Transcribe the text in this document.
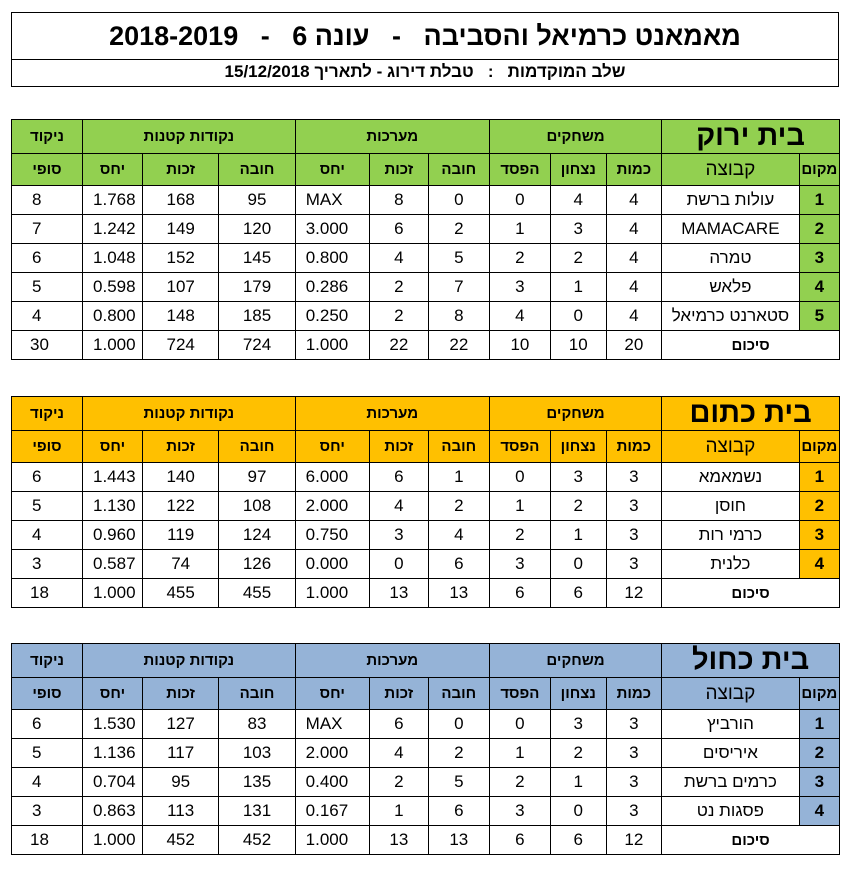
מאמאנט כרמיאל והסביבה   -   עונה 6   -   2018-2019
שלב המוקדמות   :   טבלת דירוג - לתאריך 15/12/2018
בית ירוק		משחקים			מערכות			נקודות קטנות			ניקוד
מקום	קבוצה	כמות	נצחון	הפסד	חובה	זכות	יחס	חובה	זכות	יחס	סופי
1	עולות ברשת	4	4	0	0	8	MAX	95	168	1.768	8
2	MAMACARE	4	3	1	2	6	3.000	120	149	1.242	7
3	טמרה	4	2	2	5	4	0.800	145	152	1.048	6
4	פלאש	4	1	3	7	2	0.286	179	107	0.598	5
5	סטארנט כרמיאל	4	0	4	8	2	0.250	185	148	0.800	4
סיכום		20	10	10	22	22	1.000	724	724	1.000	30
בית כתום		משחקים			מערכות			נקודות קטנות			ניקוד
מקום	קבוצה	כמות	נצחון	הפסד	חובה	זכות	יחס	חובה	זכות	יחס	סופי
1	נשמאמא	3	3	0	1	6	6.000	97	140	1.443	6
2	חוסן	3	2	1	2	4	2.000	108	122	1.130	5
3	כרמי רות	3	1	2	4	3	0.750	124	119	0.960	4
4	כלנית	3	0	3	6	0	0.000	126	74	0.587	3
סיכום		12	6	6	13	13	1.000	455	455	1.000	18
בית כחול		משחקים			מערכות			נקודות קטנות			ניקוד
מקום	קבוצה	כמות	נצחון	הפסד	חובה	זכות	יחס	חובה	זכות	יחס	סופי
1	הורביץ	3	3	0	0	6	MAX	83	127	1.530	6
2	איריסים	3	2	1	2	4	2.000	103	117	1.136	5
3	כרמים ברשת	3	1	2	5	2	0.400	135	95	0.704	4
4	פסגות נט	3	0	3	6	1	0.167	131	113	0.863	3
סיכום		12	6	6	13	13	1.000	452	452	1.000	18
